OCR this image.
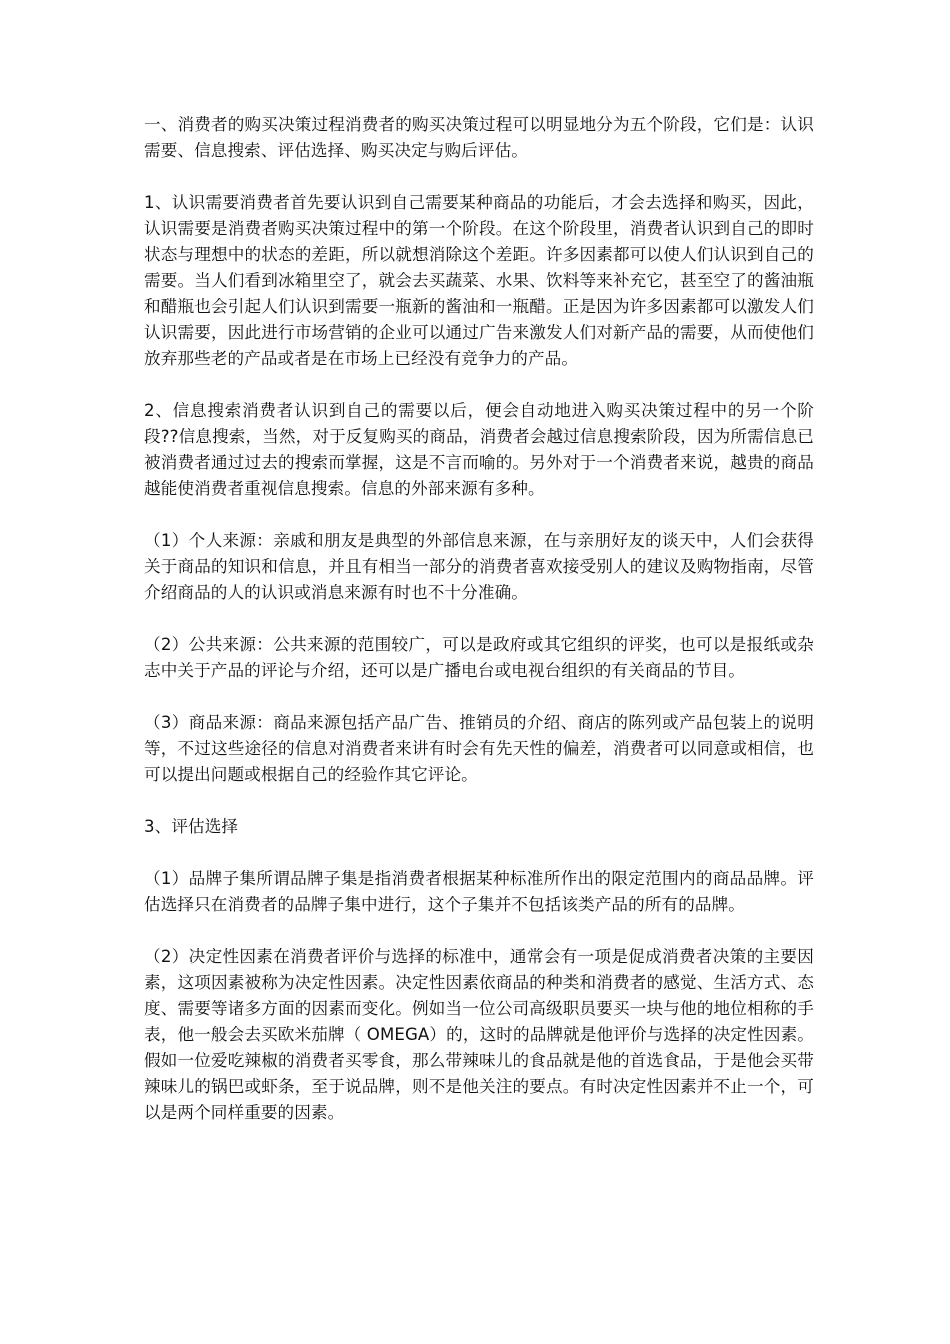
一、消费者的购买决策过程消费者的购买决策过程可以明显地分为五个阶段，它们是：认识需要、信息搜索、评估选择、购买决定与购后评估。

1、认识需要消费者首先要认识到自己需要某种商品的功能后，才会去选择和购买，因此，认识需要是消费者购买决策过程中的第一个阶段。在这个阶段里，消费者认识到自己的即时状态与理想中的状态的差距，所以就想消除这个差距。许多因素都可以使人们认识到自己的需要。当人们看到冰箱里空了，就会去买蔬菜、水果、饮料等来补充它，甚至空了的酱油瓶和醋瓶也会引起人们认识到需要一瓶新的酱油和一瓶醋。正是因为许多因素都可以激发人们认识需要，因此进行市场营销的企业可以通过广告来激发人们对新产品的需要，从而使他们放弃那些老的产品或者是在市场上已经没有竞争力的产品。

2、信息搜索消费者认识到自己的需要以后，便会自动地进入购买决策过程中的另一个阶段??信息搜索，当然，对于反复购买的商品，消费者会越过信息搜索阶段，因为所需信息已被消费者通过过去的搜索而掌握，这是不言而喻的。另外对于一个消费者来说，越贵的商品越能使消费者重视信息搜索。信息的外部来源有多种。

（1）个人来源：亲戚和朋友是典型的外部信息来源，在与亲朋好友的谈天中，人们会获得关于商品的知识和信息，并且有相当一部分的消费者喜欢接受别人的建议及购物指南，尽管介绍商品的人的认识或消息来源有时也不十分准确。

（2）公共来源：公共来源的范围较广，可以是政府或其它组织的评奖，也可以是报纸或杂志中关于产品的评论与介绍，还可以是广播电台或电视台组织的有关商品的节目。

（3）商品来源：商品来源包括产品广告、推销员的介绍、商店的陈列或产品包装上的说明等，不过这些途径的信息对消费者来讲有时会有先天性的偏差，消费者可以同意或相信，也可以提出问题或根据自己的经验作其它评论。

3、评估选择

（1）品牌子集所谓品牌子集是指消费者根据某种标准所作出的限定范围内的商品品牌。评估选择只在消费者的品牌子集中进行，这个子集并不包括该类产品的所有的品牌。

（2）决定性因素在消费者评价与选择的标准中，通常会有一项是促成消费者决策的主要因素，这项因素被称为决定性因素。决定性因素依商品的种类和消费者的感觉、生活方式、态度、需要等诸多方面的因素而变化。例如当一位公司高级职员要买一块与他的地位相称的手表，他一般会去买欧米茄牌（ OMEGA）的，这时的品牌就是他评价与选择的决定性因素。假如一位爱吃辣椒的消费者买零食，那么带辣味儿的食品就是他的首选食品，于是他会买带辣味儿的锅巴或虾条，至于说品牌，则不是他关注的要点。有时决定性因素并不止一个，可以是两个同样重要的因素。
